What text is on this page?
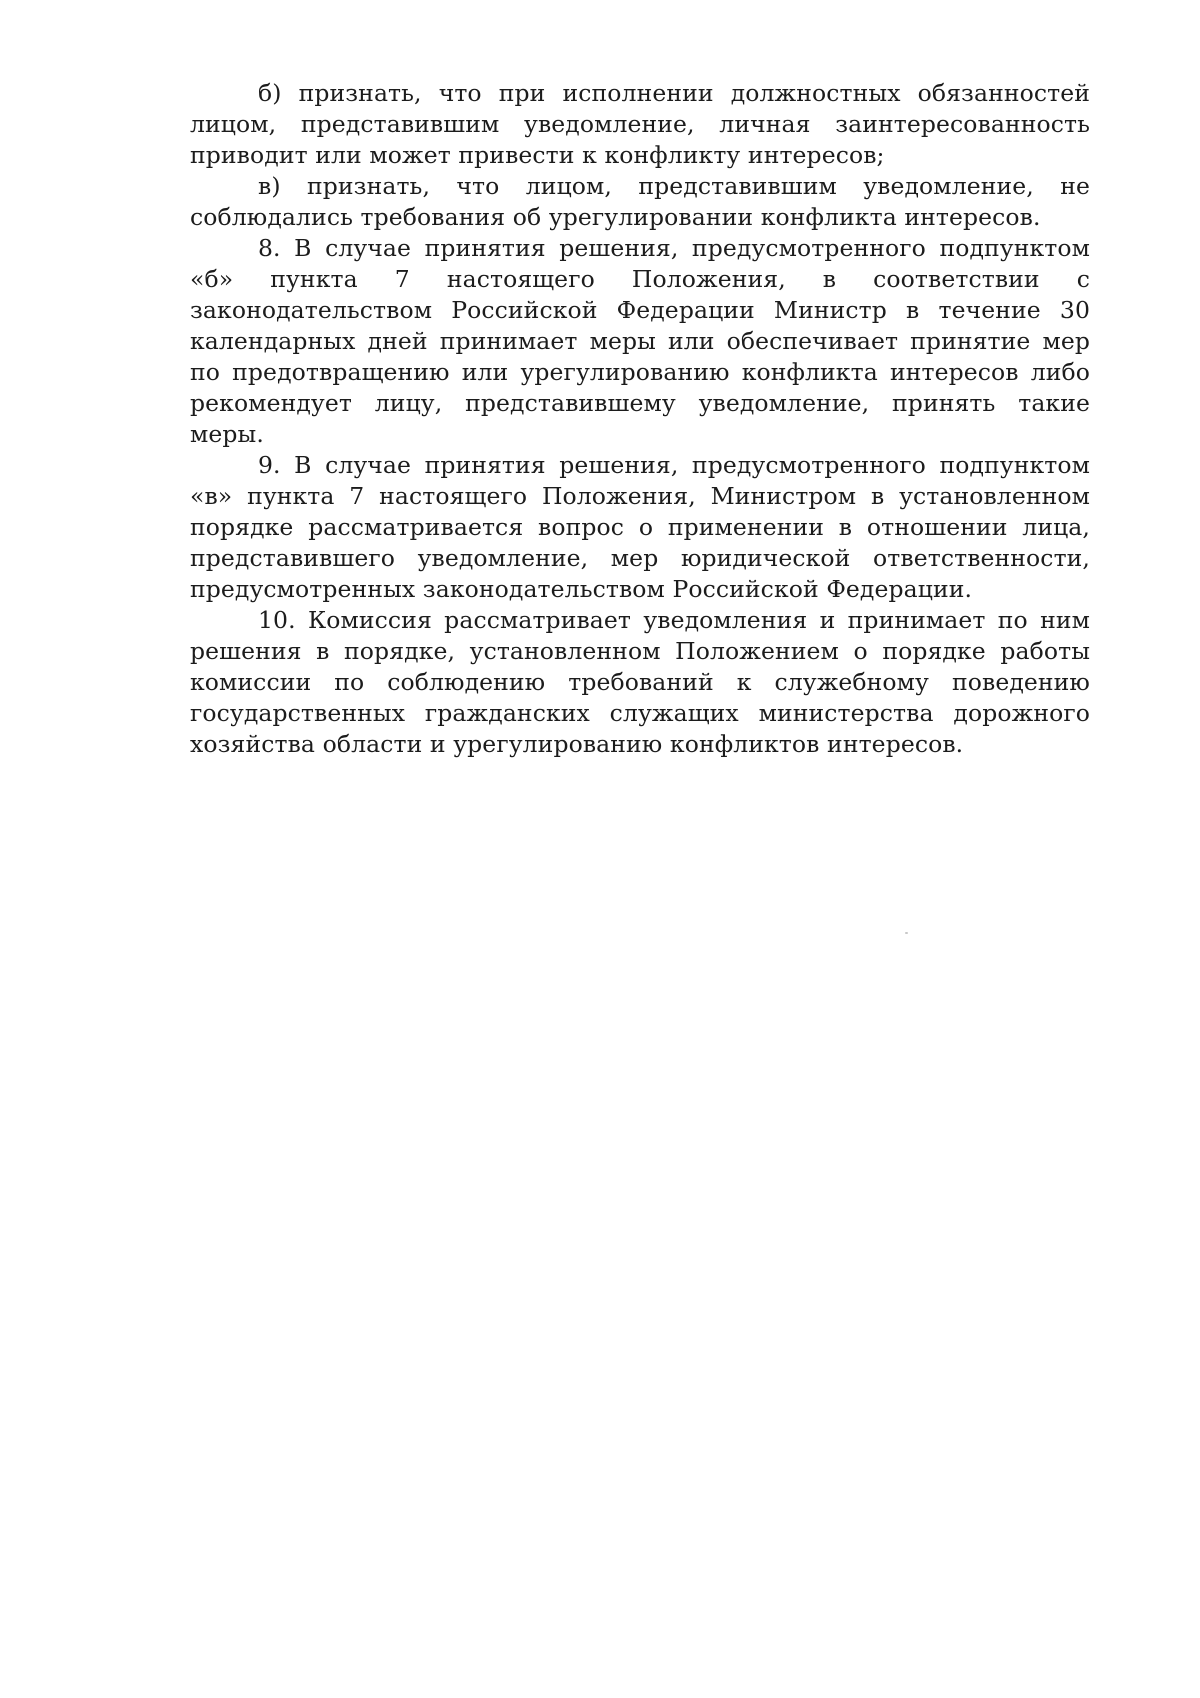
б) признать, что при исполнении должностных обязанностей лицом, представившим уведомление, личная заинтересованность приводит или может привести к конфликту интересов;

в) признать, что лицом, представившим уведомление, не соблюдались требования об урегулировании конфликта интересов.

8. В случае принятия решения, предусмотренного подпунктом «б» пункта 7 настоящего Положения, в соответствии с законодательством Российской Федерации Министр в течение 30 календарных дней принимает меры или обеспечивает принятие мер по предотвращению или урегулированию конфликта интересов либо рекомендует лицу, представившему уведомление, принять такие меры.

9. В случае принятия решения, предусмотренного подпунктом «в» пункта 7 настоящего Положения, Министром в установленном порядке рассматривается вопрос о применении в отношении лица, представившего уведомление, мер юридической ответственности, предусмотренных законодательством Российской Федерации.

10. Комиссия рассматривает уведомления и принимает по ним решения в порядке, установленном Положением о порядке работы комиссии по соблюдению требований к служебному поведению государственных гражданских служащих министерства дорожного хозяйства области и урегулированию конфликтов интересов.
